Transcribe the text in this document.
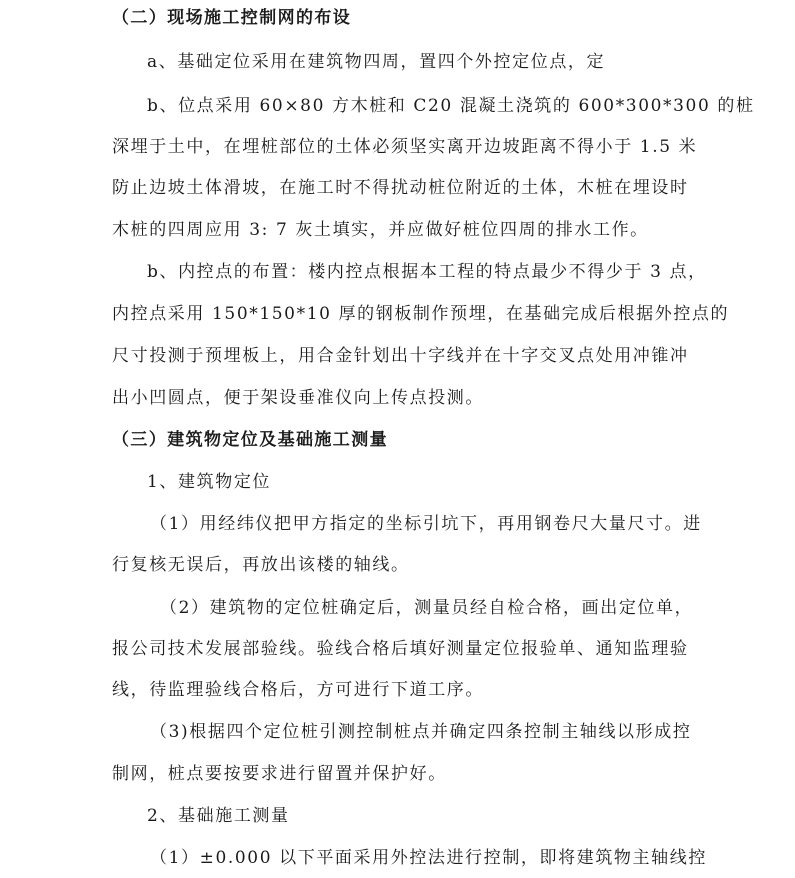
（二）现场施工控制网的布设
a、基础定位采用在建筑物四周，置四个外控定位点，定
b、位点采用 60×80 方木桩和 C20 混凝土浇筑的 600*300*300 的桩
深埋于土中，在埋桩部位的土体必须坚实离开边坡距离不得小于 1.5 米
防止边坡土体滑坡，在施工时不得扰动桩位附近的土体，木桩在埋设时
木桩的四周应用 3: 7 灰土填实，并应做好桩位四周的排水工作。
b、内控点的布置：楼内控点根据本工程的特点最少不得少于 3 点，
内控点采用 150*150*10 厚的钢板制作预埋，在基础完成后根据外控点的
尺寸投测于预埋板上，用合金针划出十字线并在十字交叉点处用冲锥冲
出小凹圆点，便于架设垂准仪向上传点投测。
（三）建筑物定位及基础施工测量
1、建筑物定位
（1）用经纬仪把甲方指定的坐标引坑下，再用钢卷尺大量尺寸。进
行复核无误后，再放出该楼的轴线。
（2）建筑物的定位桩确定后，测量员经自检合格，画出定位单，
报公司技术发展部验线。验线合格后填好测量定位报验单、通知监理验
线，待监理验线合格后，方可进行下道工序。
（3)根据四个定位桩引测控制桩点并确定四条控制主轴线以形成控
制网，桩点要按要求进行留置并保护好。
2、基础施工测量
（1）±0.000 以下平面采用外控法进行控制，即将建筑物主轴线控
